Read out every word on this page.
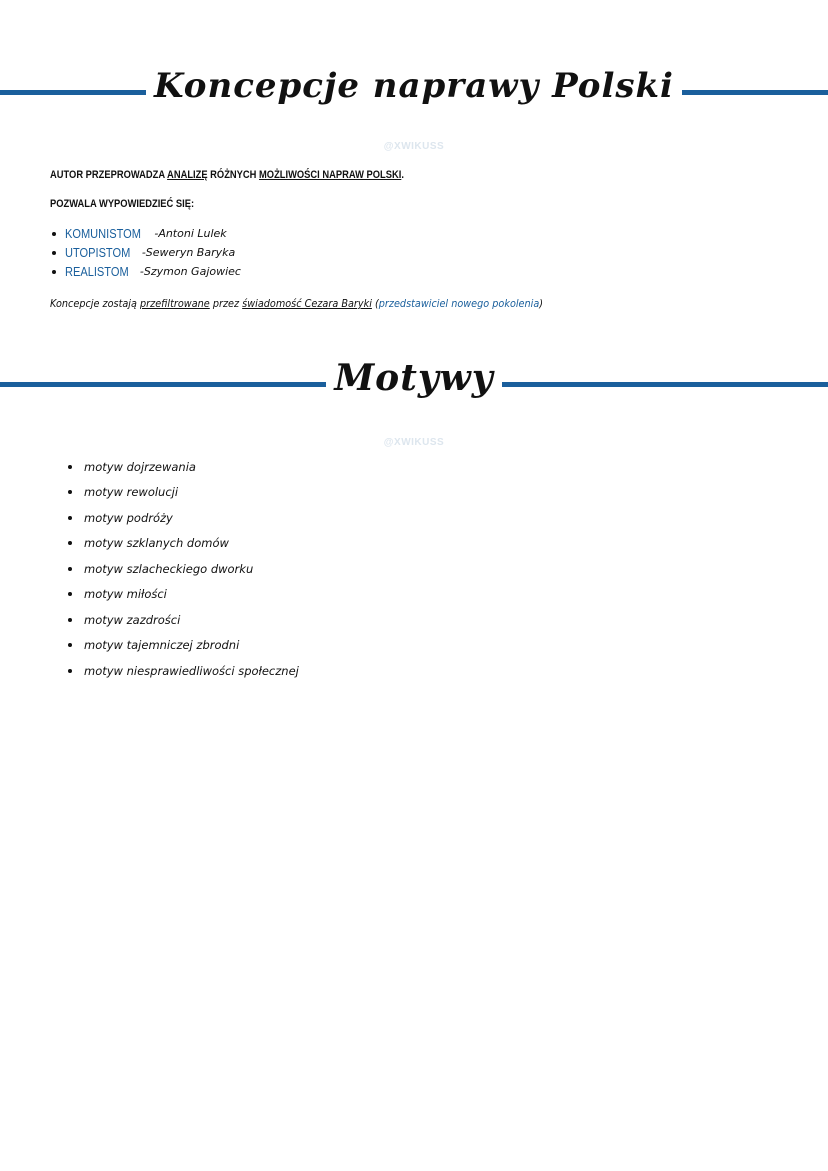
Koncepcje naprawy Polski
@XWIKUSS
AUTOR PRZEPROWADZA ANALIZĘ RÓŻNYCH MOŻLIWOŚCI NAPRAW POLSKI.
POZWALA WYPOWIEDZIEĆ SIĘ:
KOMUNISTOM - Antoni Lulek
UTOPISTOM - Seweryn Baryka
REALISTOM - Szymon Gajowiec
Koncepcje zostają przefiltrowane przez świadomość Cezara Baryki (przedstawiciel nowego pokolenia)
Motywy
@XWIKUSS
motyw dojrzewania
motyw rewolucji
motyw podróży
motyw szklanych domów
motyw szlacheckiego dworku
motyw miłości
motyw zazdrości
motyw tajemniczej zbrodni
motyw niesprawiedliwości społecznej
